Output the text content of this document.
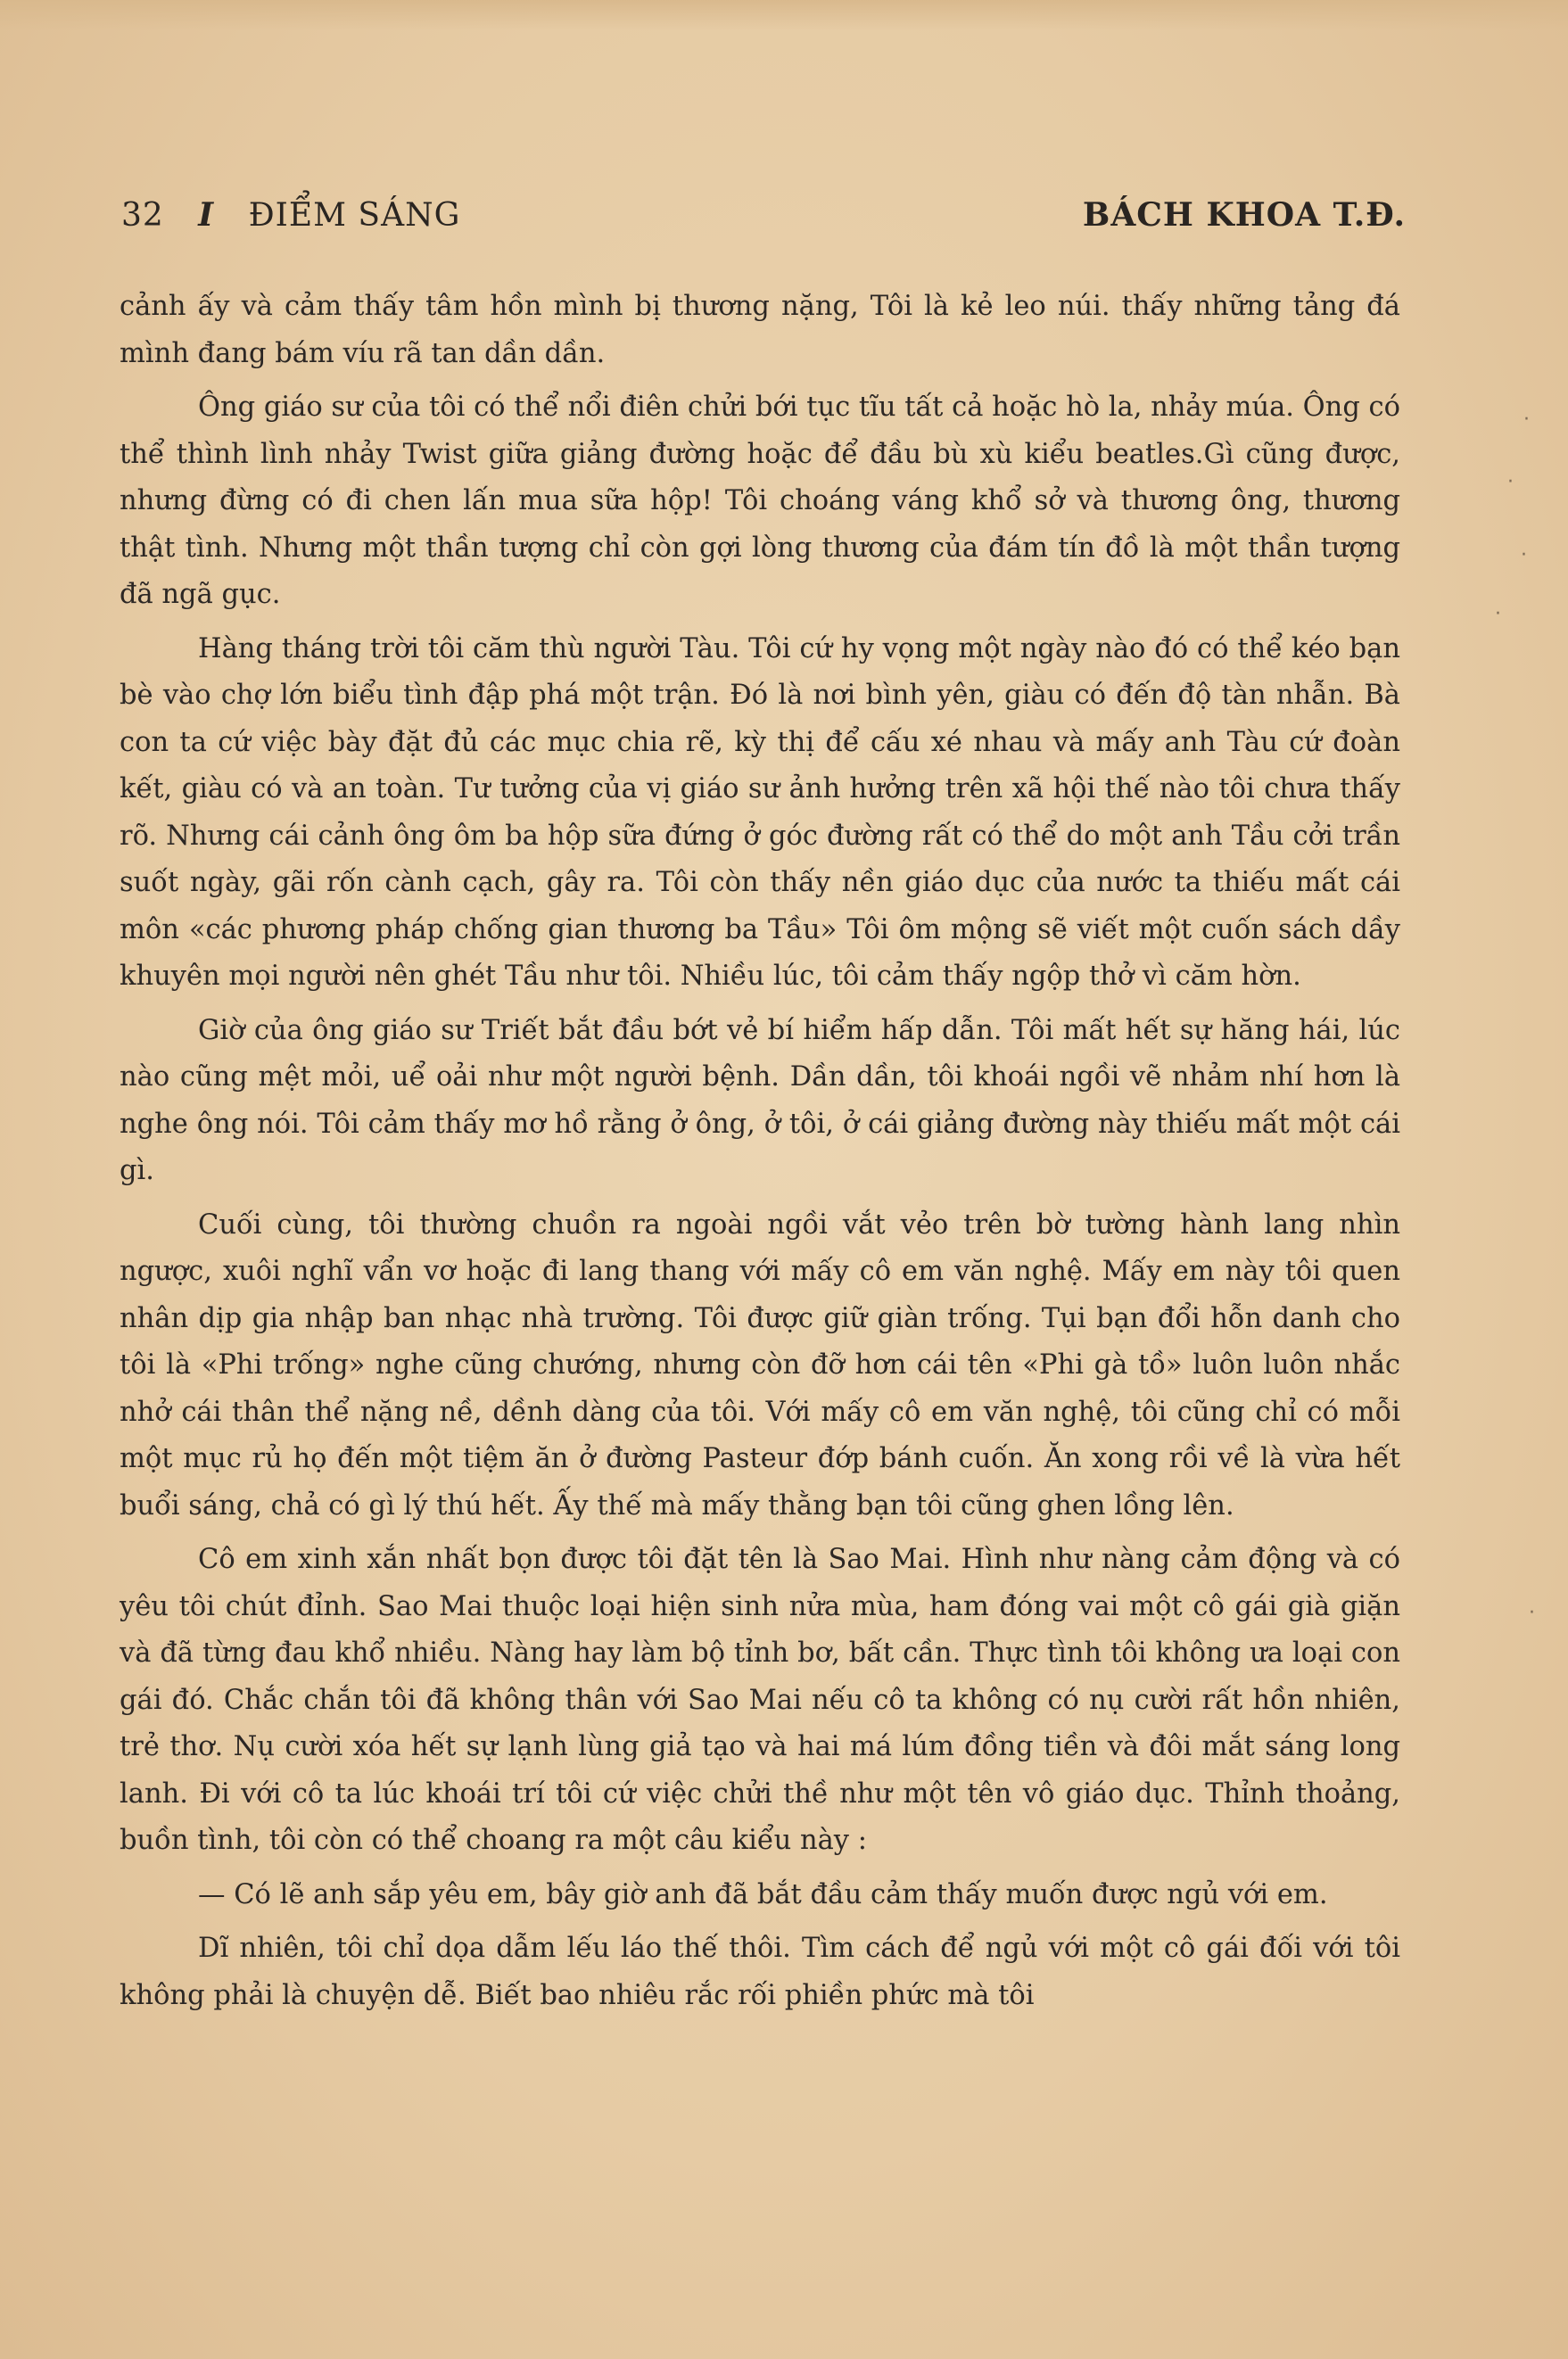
32 I ĐIỂM SÁNG	BÁCH KHOA T.Đ.

cảnh ấy và cảm thấy tâm hồn mình bị thương nặng, Tôi là kẻ leo núi. thấy những tảng đá mình đang bám víu rã tan dần dần.

Ông giáo sư của tôi có thể nổi điên chửi bới tục tĩu tất cả hoặc hò la, nhảy múa. Ông có thể thình lình nhảy Twist giữa giảng đường hoặc để đầu bù xù kiểu beatles.Gì cũng được, nhưng đừng có đi chen lấn mua sữa hộp! Tôi choáng váng khổ sở và thương ông, thương thật tình. Nhưng một thần tượng chỉ còn gợi lòng thương của đám tín đồ là một thần tượng đã ngã gục.

Hàng tháng trời tôi căm thù người Tàu. Tôi cứ hy vọng một ngày nào đó có thể kéo bạn bè vào chợ lớn biểu tình đập phá một trận. Đó là nơi bình yên, giàu có đến độ tàn nhẫn. Bà con ta cứ việc bày đặt đủ các mục chia rẽ, kỳ thị để cấu xé nhau và mấy anh Tàu cứ đoàn kết, giàu có và an toàn. Tư tưởng của vị giáo sư ảnh hưởng trên xã hội thế nào tôi chưa thấy rõ. Nhưng cái cảnh ông ôm ba hộp sữa đứng ở góc đường rất có thể do một anh Tầu cởi trần suốt ngày, gãi rốn cành cạch, gây ra. Tôi còn thấy nền giáo dục của nước ta thiếu mất cái môn «các phương pháp chống gian thương ba Tầu» Tôi ôm mộng sẽ viết một cuốn sách dầy khuyên mọi người nên ghét Tầu như tôi. Nhiều lúc, tôi cảm thấy ngộp thở vì căm hờn.

Giờ của ông giáo sư Triết bắt đầu bớt vẻ bí hiểm hấp dẫn. Tôi mất hết sự hăng hái, lúc nào cũng mệt mỏi, uể oải như một người bệnh. Dần dần, tôi khoái ngồi vẽ nhảm nhí hơn là nghe ông nói. Tôi cảm thấy mơ hồ rằng ở ông, ở tôi, ở cái giảng đường này thiếu mất một cái gì.

Cuối cùng, tôi thường chuồn ra ngoài ngồi vắt vẻo trên bờ tường hành lang nhìn ngược, xuôi nghĩ vẩn vơ hoặc đi lang thang với mấy cô em văn nghệ. Mấy em này tôi quen nhân dịp gia nhập ban nhạc nhà trường. Tôi được giữ giàn trống. Tụi bạn đổi hỗn danh cho tôi là «Phi trống» nghe cũng chướng, nhưng còn đỡ hơn cái tên «Phi gà tồ» luôn luôn nhắc nhở cái thân thể nặng nề, dềnh dàng của tôi. Với mấy cô em văn nghệ, tôi cũng chỉ có mỗi một mục rủ họ đến một tiệm ăn ở đường Pasteur đớp bánh cuốn. Ăn xong rồi về là vừa hết buổi sáng, chả có gì lý thú hết. Ấy thế mà mấy thằng bạn tôi cũng ghen lồng lên.

Cô em xinh xắn nhất bọn được tôi đặt tên là Sao Mai. Hình như nàng cảm động và có yêu tôi chút đỉnh. Sao Mai thuộc loại hiện sinh nửa mùa, ham đóng vai một cô gái già giặn và đã từng đau khổ nhiều. Nàng hay làm bộ tỉnh bơ, bất cần. Thực tình tôi không ưa loại con gái đó. Chắc chắn tôi đã không thân với Sao Mai nếu cô ta không có nụ cười rất hồn nhiên, trẻ thơ. Nụ cười xóa hết sự lạnh lùng giả tạo và hai má lúm đồng tiền và đôi mắt sáng long lanh. Đi với cô ta lúc khoái trí tôi cứ việc chửi thề như một tên vô giáo dục. Thỉnh thoảng, buồn tình, tôi còn có thể choang ra một câu kiểu này :

— Có lẽ anh sắp yêu em, bây giờ anh đã bắt đầu cảm thấy muốn được ngủ với em.

Dĩ nhiên, tôi chỉ dọa dẫm lếu láo thế thôi. Tìm cách để ngủ với một cô gái đối với tôi không phải là chuyện dễ. Biết bao nhiêu rắc rối phiền phức mà tôi

·
·
·
·
·
